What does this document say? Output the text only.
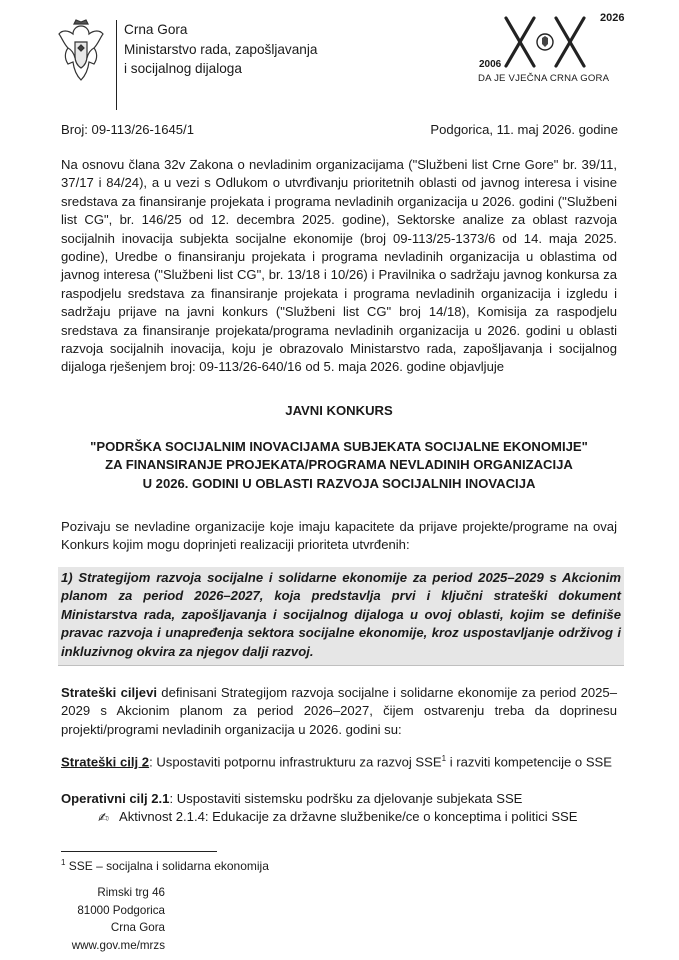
Crna Gora
Ministarstvo rada, zapošljavanja
i socijalnog dijaloga
2026
2006
DA JE VJEČNA CRNA GORA
Broj: 09-113/26-1645/1	Podgorica, 11. maj 2026. godine
Na osnovu člana 32v Zakona o nevladinim organizacijama ("Službeni list Crne Gore" br. 39/11, 37/17 i 84/24), a u vezi s Odlukom o utvrđivanju prioritetnih oblasti od javnog interesa i visine sredstava za finansiranje projekata i programa nevladinih organizacija u 2026. godini ("Službeni list CG", br. 146/25 od 12. decembra 2025. godine), Sektorske analize za oblast razvoja socijalnih inovacija subjekta socijalne ekonomije (broj 09-113/25-1373/6 od 14. maja 2025. godine), Uredbe o finansiranju projekata i programa nevladinih organizacija u oblastima od javnog interesa ("Službeni list CG", br. 13/18 i 10/26) i Pravilnika o sadržaju javnog konkursa za raspodjelu sredstava za finansiranje projekata i programa nevladinih organizacija i izgledu i sadržaju prijave na javni konkurs ("Službeni list CG" broj 14/18), Komisija za raspodjelu sredstava za finansiranje projekata/programa nevladinih organizacija u 2026. godini u oblasti razvoja socijalnih inovacija, koju je obrazovalo Ministarstvo rada, zapošljavanja i socijalnog dijaloga rješenjem broj: 09-113/26-640/16 od 5. maja 2026. godine objavljuje
JAVNI KONKURS
"PODRŠKA SOCIJALNIM INOVACIJAMA SUBJEKATA SOCIJALNE EKONOMIJE"
ZA FINANSIRANJE PROJEKATA/PROGRAMA NEVLADINIH ORGANIZACIJA
U 2026. GODINI U OBLASTI RAZVOJA SOCIJALNIH INOVACIJA
Pozivaju se nevladine organizacije koje imaju kapacitete da prijave projekte/programe na ovaj Konkurs kojim mogu doprinjeti realizaciji prioriteta utvrđenih:
1) Strategijom razvoja socijalne i solidarne ekonomije za period 2025–2029 s Akcionim planom za period 2026–2027, koja predstavlja prvi i ključni strateški dokument Ministarstva rada, zapošljavanja i socijalnog dijaloga u ovoj oblasti, kojim se definiše pravac razvoja i unapređenja sektora socijalne ekonomije, kroz uspostavljanje održivog i inkluzivnog okvira za njegov dalji razvoj.
Strateški ciljevi definisani Strategijom razvoja socijalne i solidarne ekonomije za period 2025–2029 s Akcionim planom za period 2026–2027, čijem ostvarenju treba da doprinesu projekti/programi nevladinih organizacija u 2026. godini su:
Strateški cilj 2: Uspostaviti potpornu infrastrukturu za razvoj SSE$^1$ i razviti kompetencije o SSE
Operativni cilj 2.1: Uspostaviti sistemsku podršku za djelovanje subjekata SSE
✍ Aktivnost 2.1.4: Edukacije za državne službenike/ce o konceptima i politici SSE
$^1$ SSE – socijalna i solidarna ekonomija
Rimski trg 46
81000 Podgorica
Crna Gora
www.gov.me/mrzs
